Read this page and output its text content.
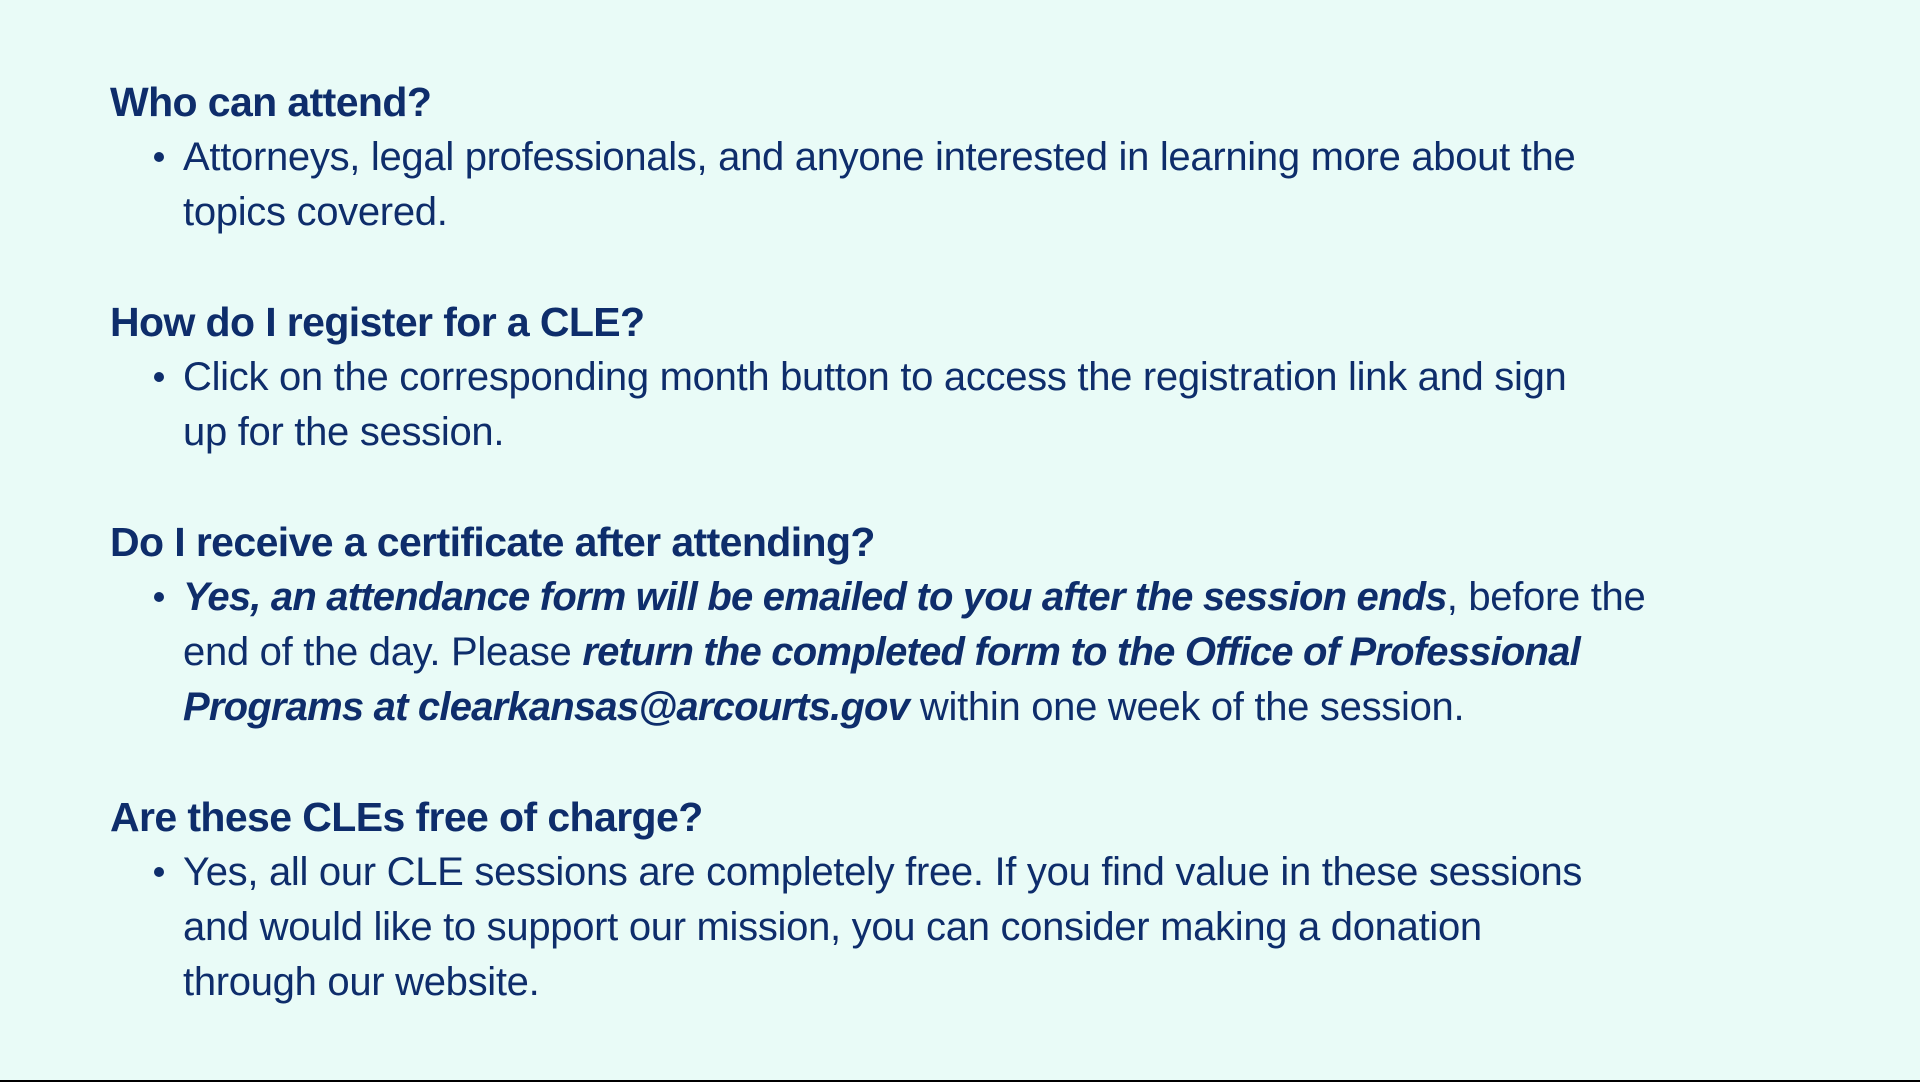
Who can attend?
Attorneys, legal professionals, and anyone interested in learning more about the
topics covered.
How do I register for a CLE?
Click on the corresponding month button to access the registration link and sign
up for the session.
Do I receive a certificate after attending?
Yes, an attendance form will be emailed to you after the session ends, before the
end of the day. Please return the completed form to the Office of Professional
Programs at clearkansas@arcourts.gov within one week of the session.
Are these CLEs free of charge?
Yes, all our CLE sessions are completely free. If you find value in these sessions
and would like to support our mission, you can consider making a donation
through our website.
